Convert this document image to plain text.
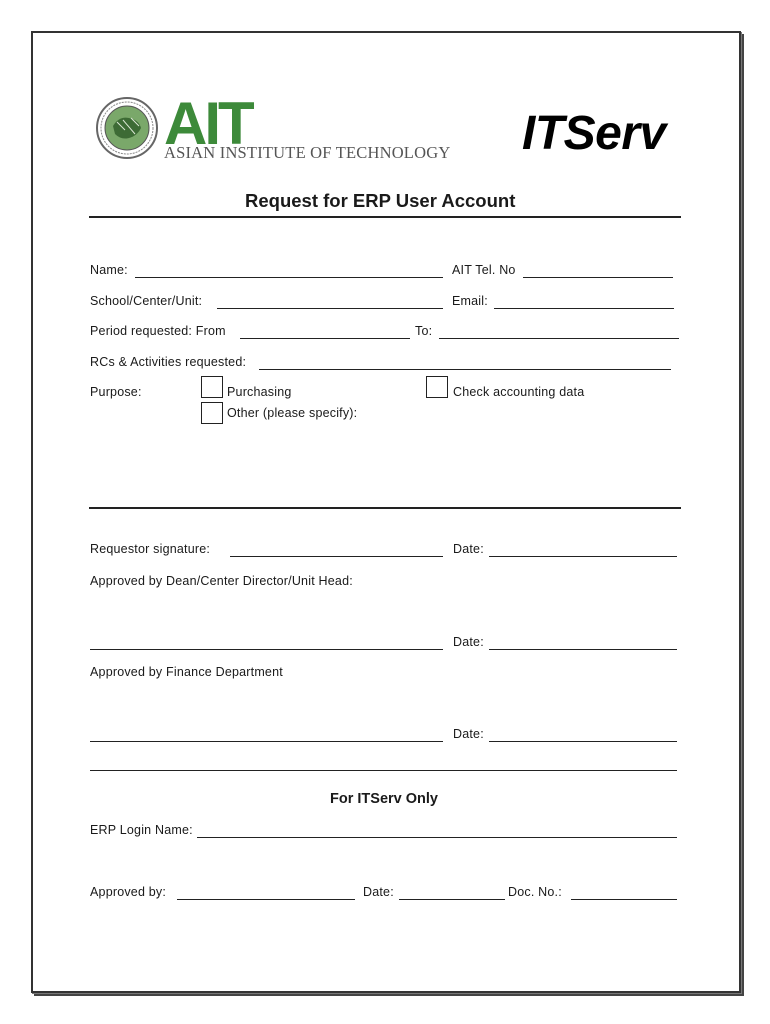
AIT
ASIAN INSTITUTE OF TECHNOLOGY ITServ
Request for ERP User Account
Name:	AIT Tel. No
School/Center/Unit:	Email:
Period requested: From	To:
RCs & Activities requested:
Purpose:	Purchasing	Check accounting data
Other (please specify):
Requestor signature:	Date:
Approved by Dean/Center Director/Unit Head:
Date:
Approved by Finance Department
Date:
For ITServ Only
ERP Login Name:
Approved by:	Date:	Doc. No.:
